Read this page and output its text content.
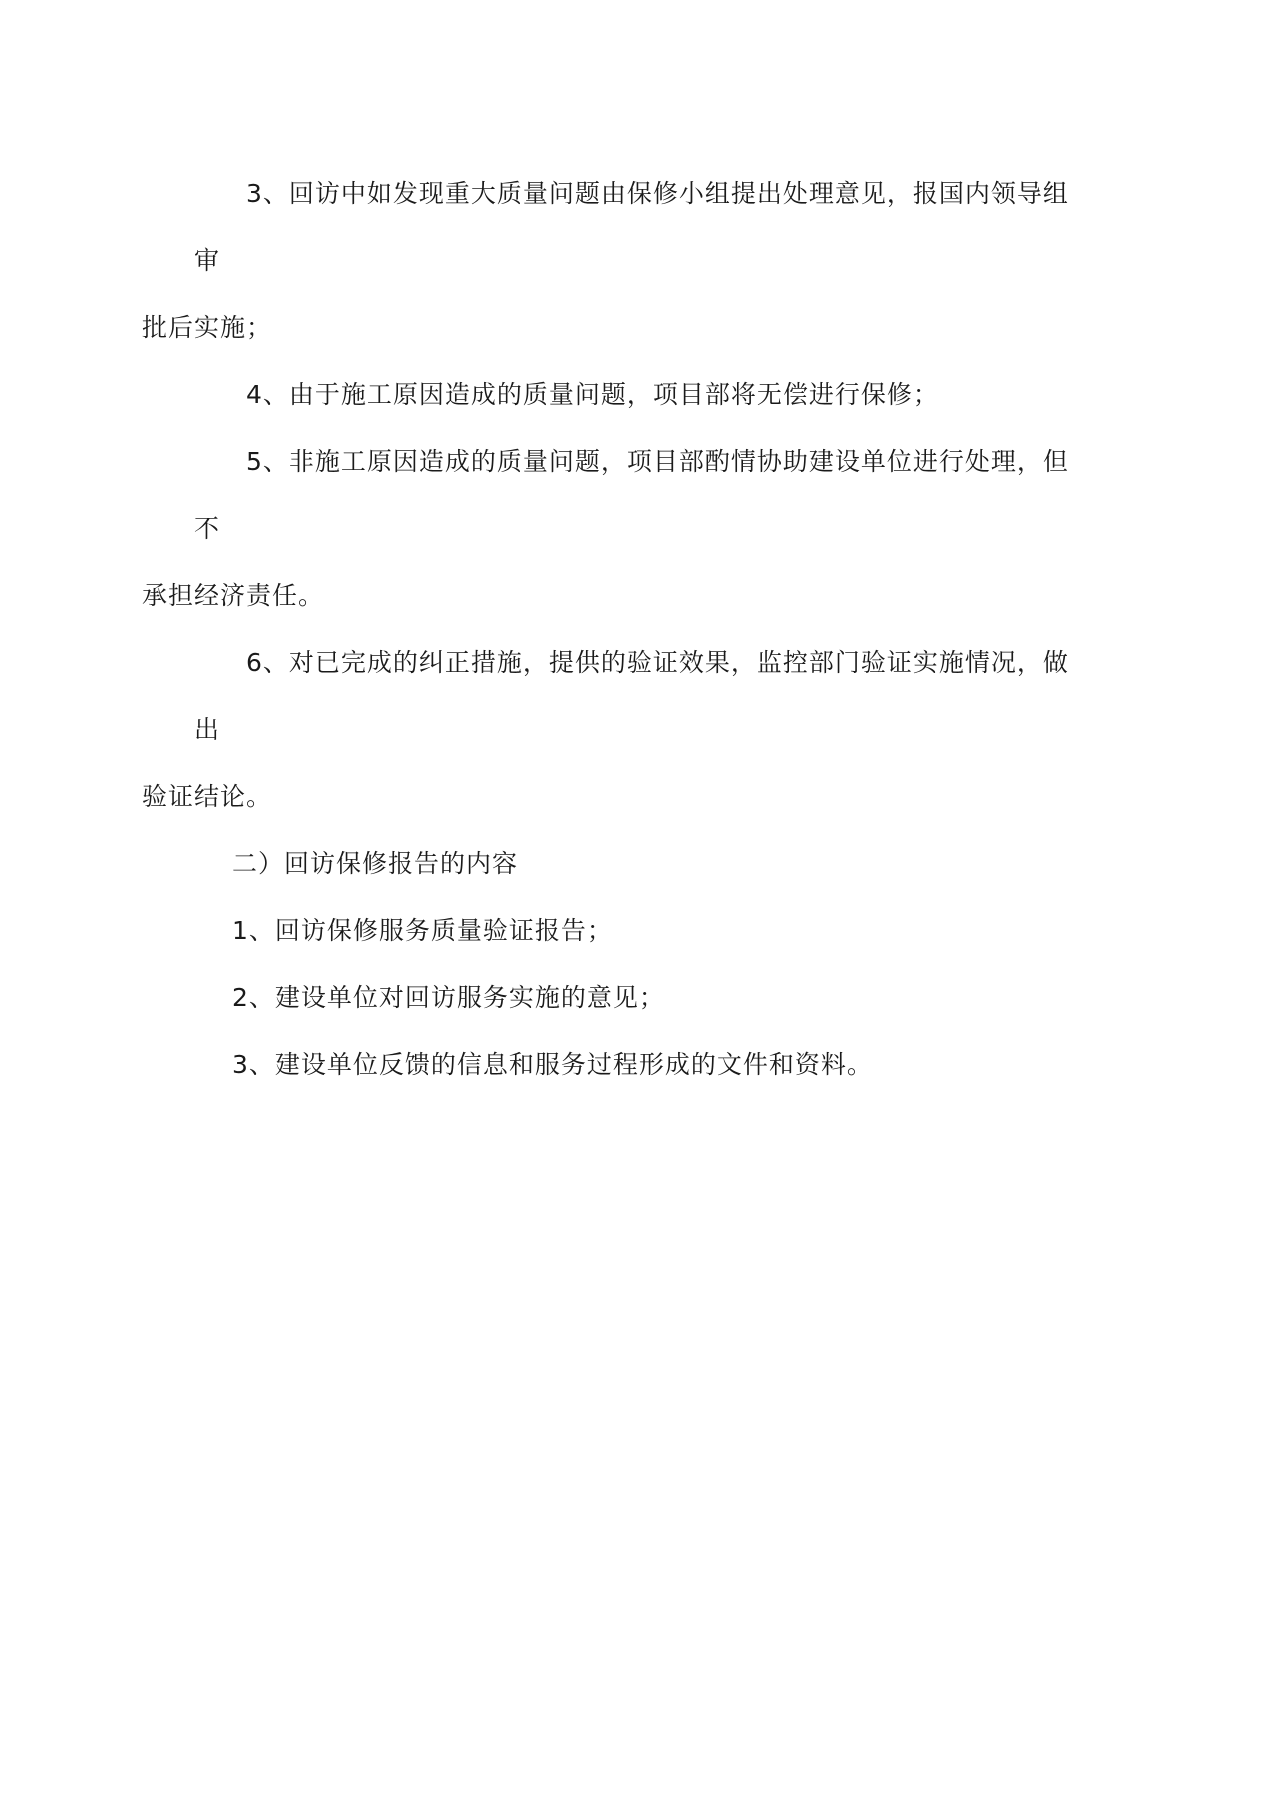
3、回访中如发现重大质量问题由保修小组提出处理意见，报国内领导组审
批后实施；

4、由于施工原因造成的质量问题，项目部将无偿进行保修；

5、非施工原因造成的质量问题，项目部酌情协助建设单位进行处理，但不
承担经济责任。

6、对已完成的纠正措施，提供的验证效果，监控部门验证实施情况，做出
验证结论。

二）回访保修报告的内容

1、回访保修服务质量验证报告；

2、建设单位对回访服务实施的意见；

3、建设单位反馈的信息和服务过程形成的文件和资料。
